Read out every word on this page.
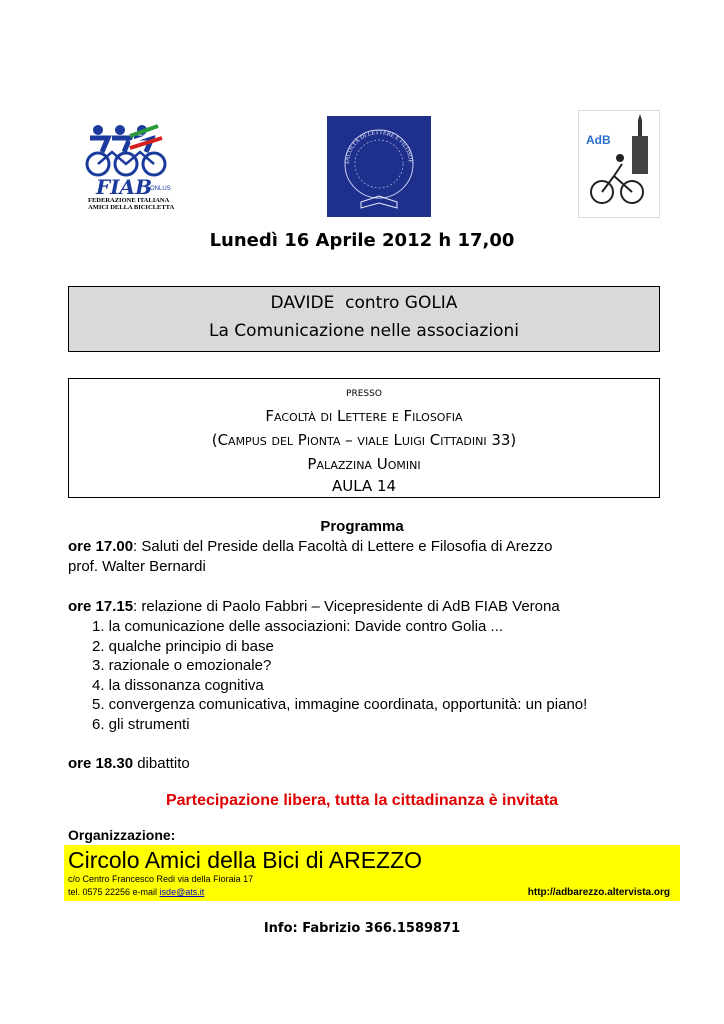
FIAB
ONLUS
FEDERAZIONE ITALIANA
AMICI DELLA BICICLETTA
FACOLTÀ DI LETTERE E FILOSOF
AdB
Lunedì 16 Aprile 2012 h 17,00
DAVIDE  contro GOLIA
La Comunicazione nelle associazioni
presso
Facoltà di Lettere e Filosofia
(Campus del Pionta – viale Luigi Cittadini 33)
Palazzina Uomini
AULA 14
Programma
ore 17.00: Saluti del Preside della Facoltà di Lettere e Filosofia di Arezzo
prof. Walter Bernardi
ore 17.15: relazione di Paolo Fabbri – Vicepresidente di AdB FIAB Verona
1. la comunicazione delle associazioni: Davide contro Golia ...
2. qualche principio di base
3. razionale o emozionale?
4. la dissonanza cognitiva
5. convergenza comunicativa, immagine coordinata, opportunità: un piano!
6. gli strumenti
ore 18.30 dibattito
Partecipazione libera, tutta la cittadinanza è invitata
Organizzazione:
Circolo Amici della Bici di AREZZO
c/o Centro Francesco Redi via della Fioraia 17
tel. 0575 22256 e-mail isde@ats.it	http://adbarezzo.altervista.org
Info: Fabrizio 366.1589871
